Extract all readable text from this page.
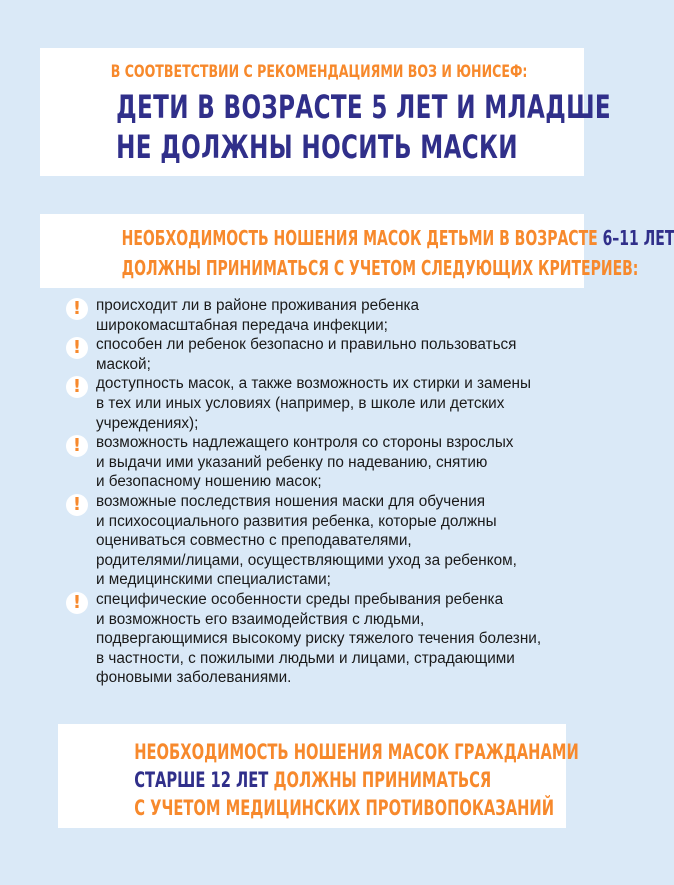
В СООТВЕТСТВИИ С РЕКОМЕНДАЦИЯМИ ВОЗ И ЮНИСЕФ:
ДЕТИ В ВОЗРАСТЕ 5 ЛЕТ И МЛАДШЕ
НЕ ДОЛЖНЫ НОСИТЬ МАСКИ
НЕОБХОДИМОСТЬ НОШЕНИЯ МАСОК ДЕТЬМИ В ВОЗРАСТЕ 6–11 ЛЕТ
ДОЛЖНЫ ПРИНИМАТЬСЯ С УЧЕТОМ СЛЕДУЮЩИХ КРИТЕРИЕВ:
! происходит ли в районе проживания ребенка
широкомасштабная передача инфекции;
! способен ли ребенок безопасно и правильно пользоваться
маской;
! доступность масок, а также возможность их стирки и замены
в тех или иных условиях (например, в школе или детских
учреждениях);
! возможность надлежащего контроля со стороны взрослых
и выдачи ими указаний ребенку по надеванию, снятию
и безопасному ношению масок;
! возможные последствия ношения маски для обучения
и психосоциального развития ребенка, которые должны
оцениваться совместно с преподавателями,
родителями/лицами, осуществляющими уход за ребенком,
и медицинскими специалистами;
! специфические особенности среды пребывания ребенка
и возможность его взаимодействия с людьми,
подвергающимися высокому риску тяжелого течения болезни,
в частности, с пожилыми людьми и лицами, страдающими
фоновыми заболеваниями.
НЕОБХОДИМОСТЬ НОШЕНИЯ МАСОК ГРАЖДАНАМИ
СТАРШЕ 12 ЛЕТ ДОЛЖНЫ ПРИНИМАТЬСЯ
С УЧЕТОМ МЕДИЦИНСКИХ ПРОТИВОПОКАЗАНИЙ
